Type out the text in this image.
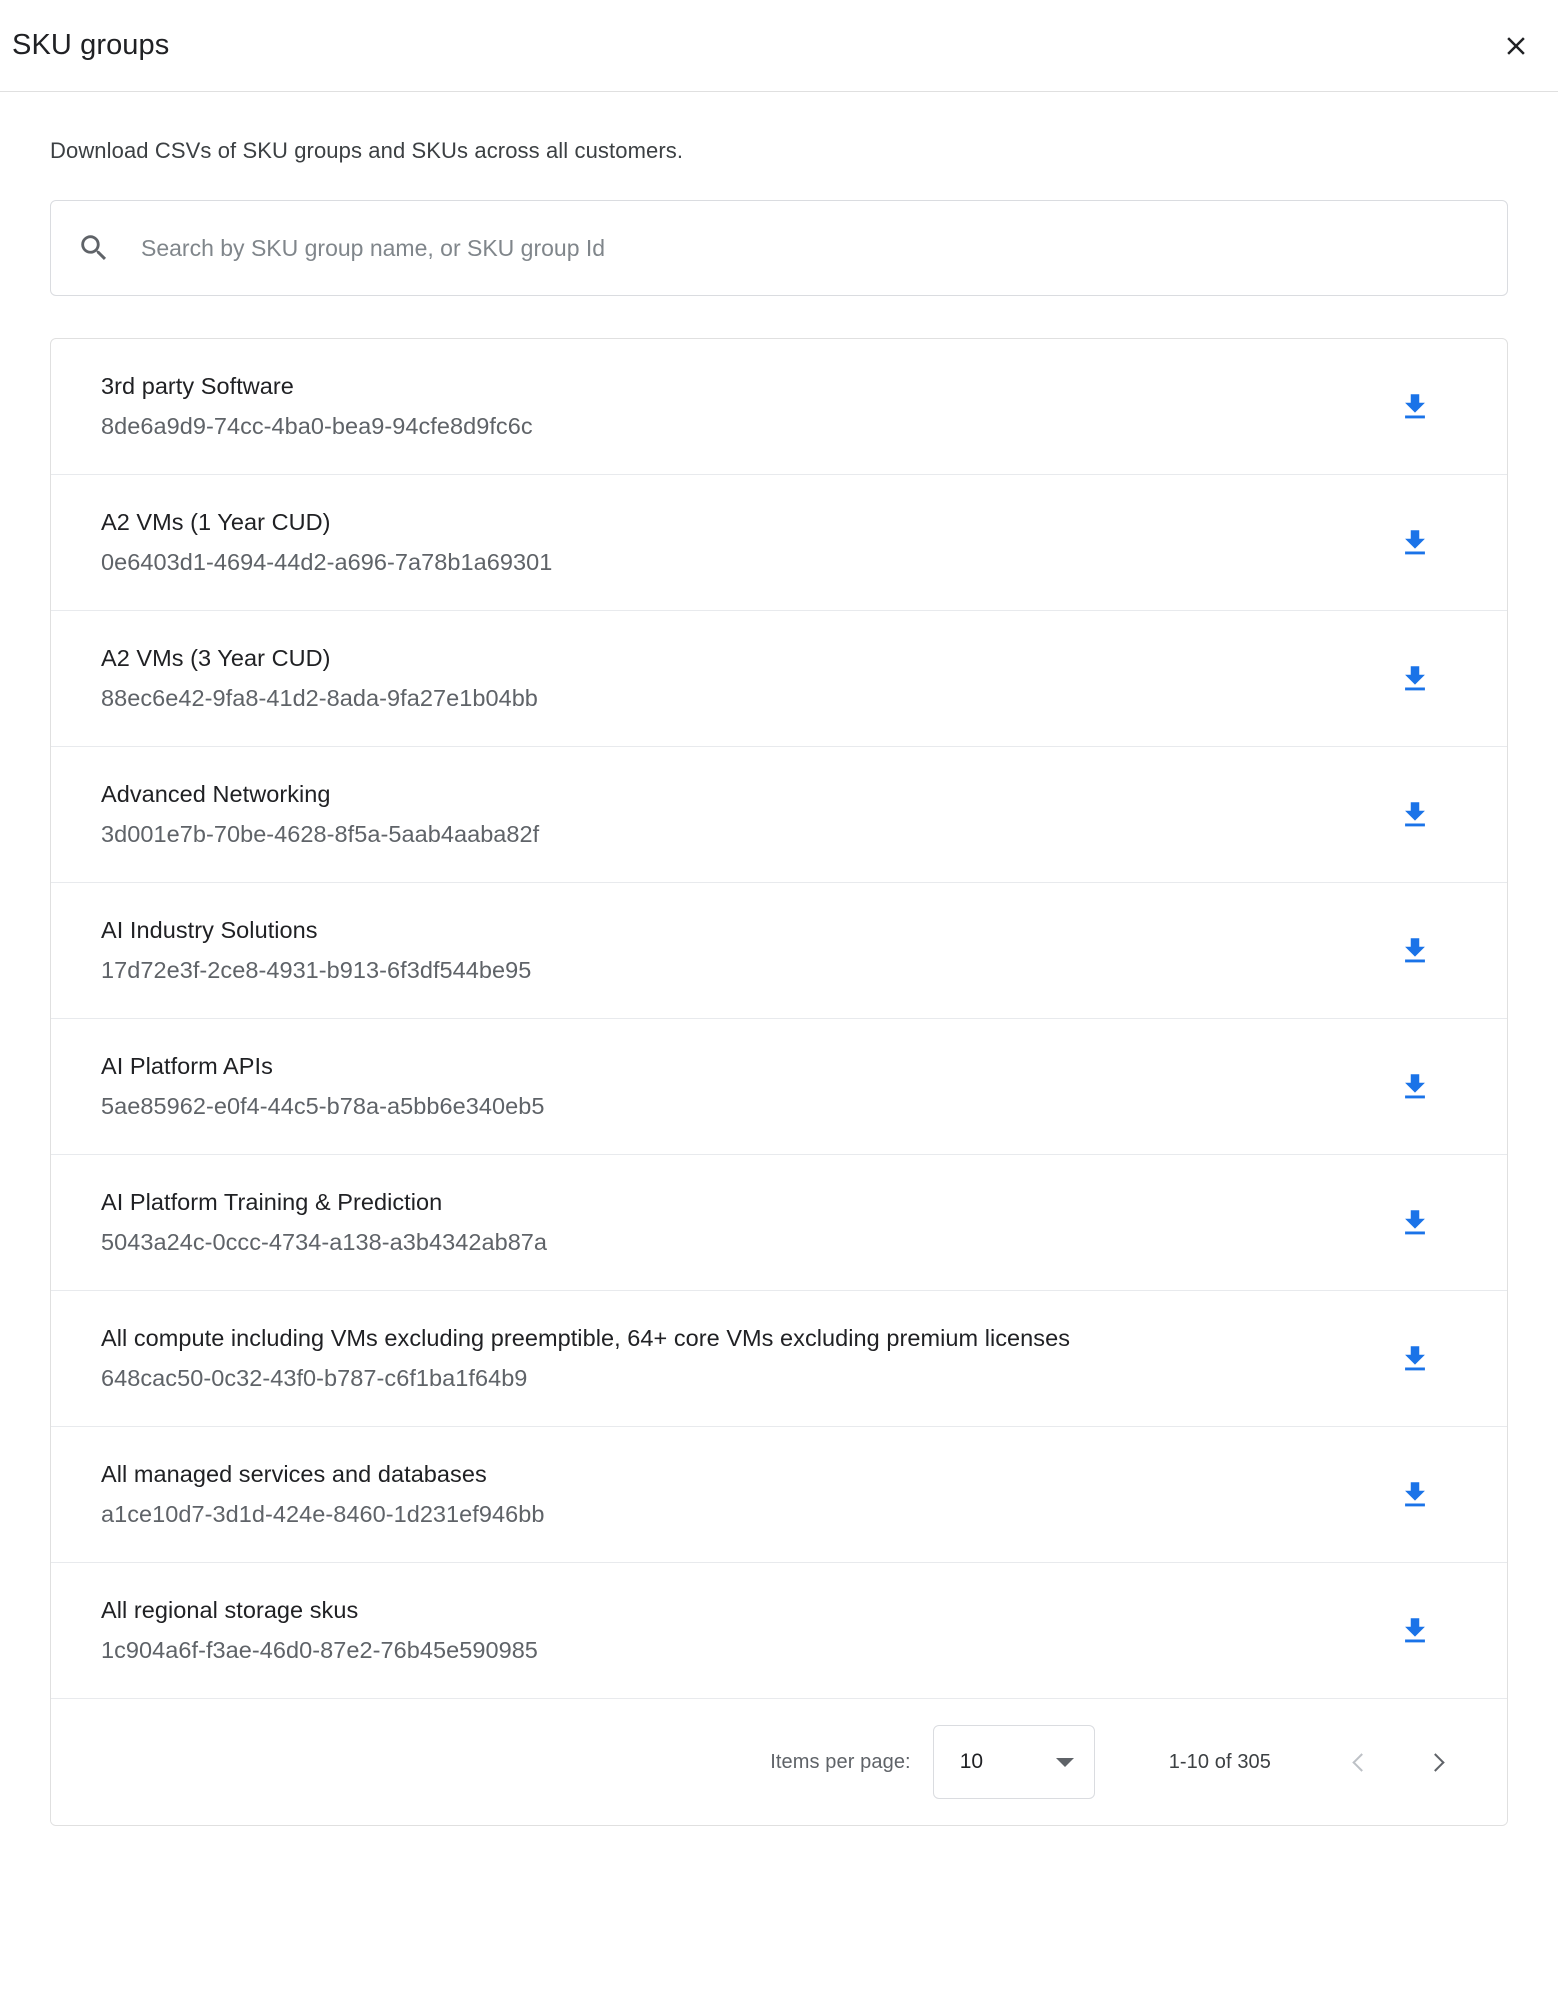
SKU groups
Download CSVs of SKU groups and SKUs across all customers.
Search by SKU group name, or SKU group Id
3rd party Software
8de6a9d9-74cc-4ba0-bea9-94cfe8d9fc6c
A2 VMs (1 Year CUD)
0e6403d1-4694-44d2-a696-7a78b1a69301
A2 VMs (3 Year CUD)
88ec6e42-9fa8-41d2-8ada-9fa27e1b04bb
Advanced Networking
3d001e7b-70be-4628-8f5a-5aab4aaba82f
AI Industry Solutions
17d72e3f-2ce8-4931-b913-6f3df544be95
AI Platform APIs
5ae85962-e0f4-44c5-b78a-a5bb6e340eb5
AI Platform Training & Prediction
5043a24c-0ccc-4734-a138-a3b4342ab87a
All compute including VMs excluding preemptible, 64+ core VMs excluding premium licenses
648cac50-0c32-43f0-b787-c6f1ba1f64b9
All managed services and databases
a1ce10d7-3d1d-424e-8460-1d231ef946bb
All regional storage skus
1c904a6f-f3ae-46d0-87e2-76b45e590985
Items per page: 10	1-10 of 305
